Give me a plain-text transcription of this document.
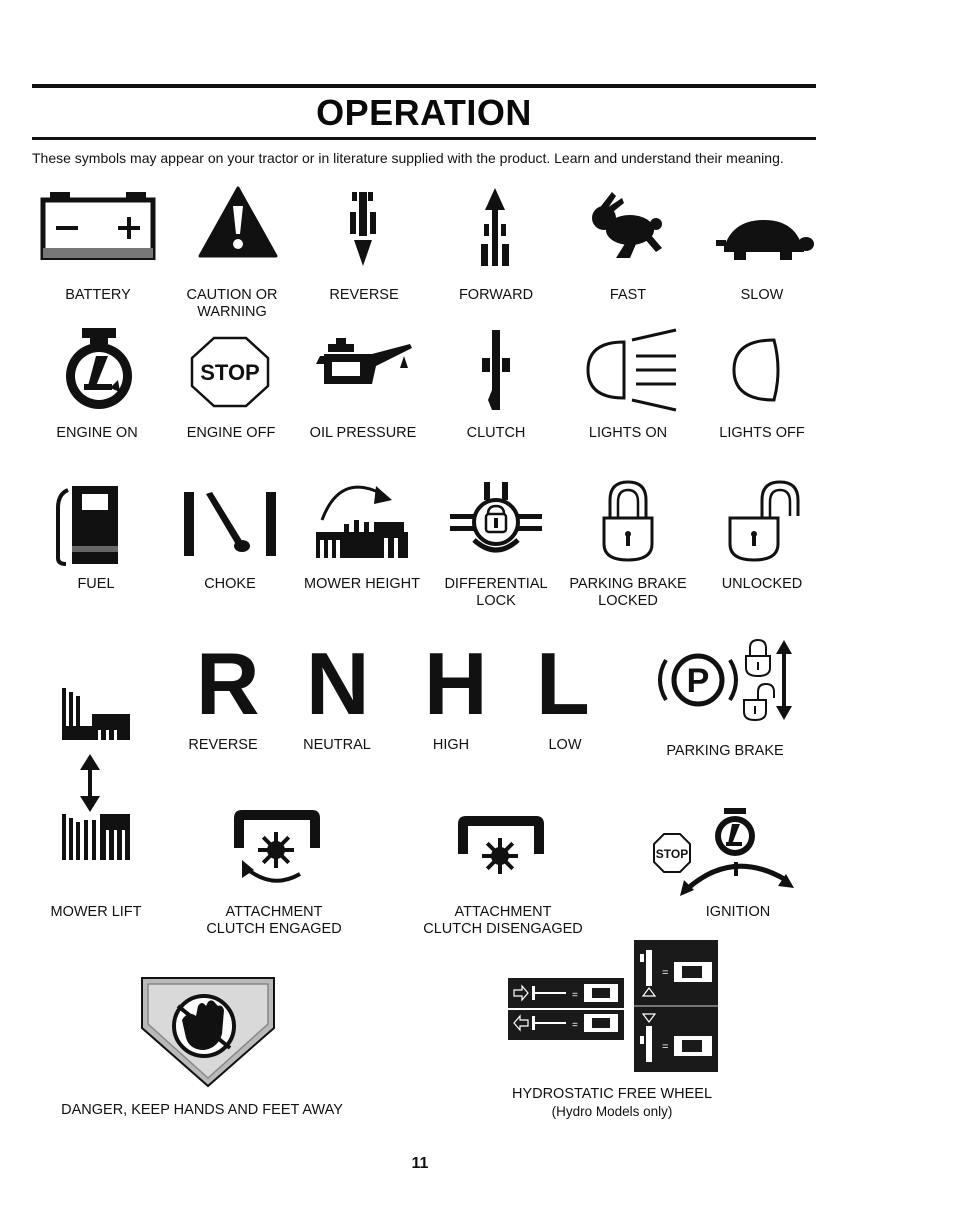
OPERATION
These symbols may appear on your tractor or in literature supplied with the product. Learn and understand their meaning.
BATTERY	CAUTION OR
WARNING
REVERSE	FORWARD	FAST	SLOW
ENGINE ON
STOP
ENGINE OFF	OIL PRESSURE	CLUTCH	LIGHTS ON	LIGHTS OFF
FUEL	CHOKE	MOWER HEIGHT	DIFFERENTIAL
LOCK
PARKING BRAKE
LOCKED
UNLOCKED
MOWER LIFT
R N H L
REVERSE	NEUTRAL	HIGH	LOW
P
PARKING BRAKE
ATTACHMENT
CLUTCH ENGAGED
ATTACHMENT
CLUTCH DISENGAGED
STOP
IGNITION
DANGER, KEEP HANDS AND FEET AWAY
=
=
=
=
HYDROSTATIC FREE WHEEL
(Hydro Models only)
11
